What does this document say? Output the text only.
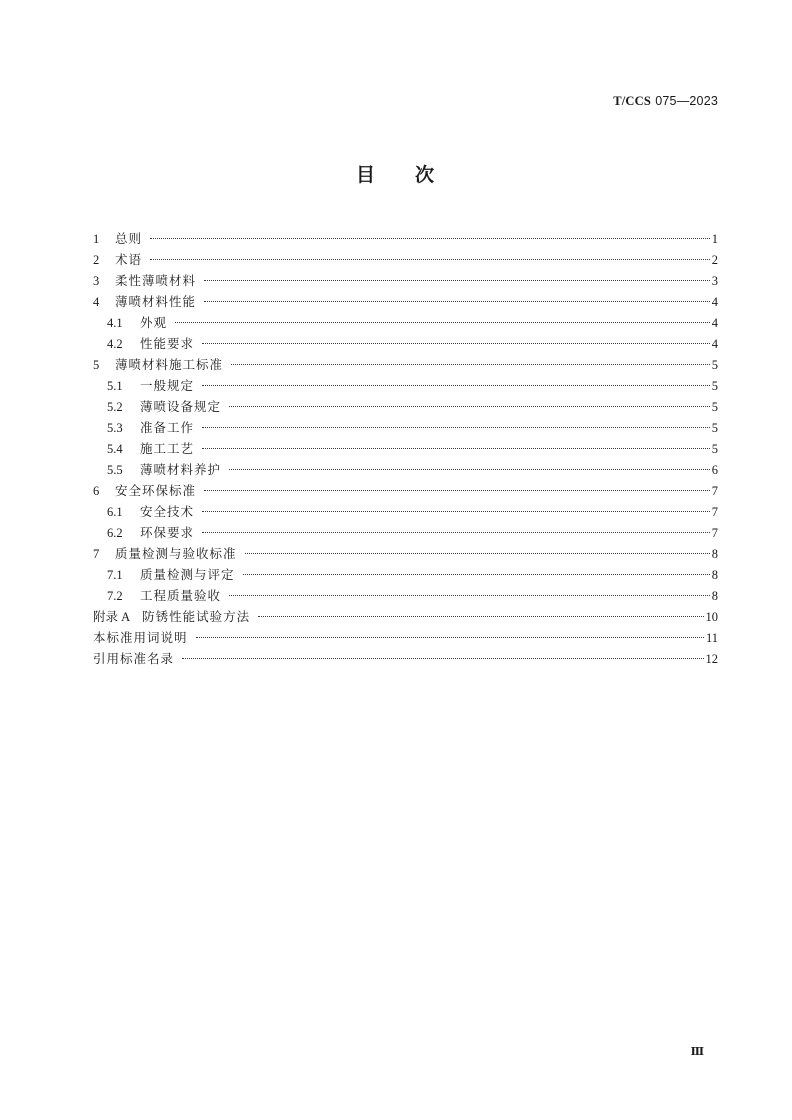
T/CCS 075—2023
目 次
1	总则	1
2	术语	2
3	柔性薄喷材料	3
4	薄喷材料性能	4
4.1	外观	4
4.2	性能要求	4
5	薄喷材料施工标准	5
5.1	一般规定	5
5.2	薄喷设备规定	5
5.3	准备工作	5
5.4	施工工艺	5
5.5	薄喷材料养护	6
6	安全环保标准	7
6.1	安全技术	7
6.2	环保要求	7
7	质量检测与验收标准	8
7.1	质量检测与评定	8
7.2	工程质量验收	8
附录 A 防锈性能试验方法	10
本标准用词说明	11
引用标准名录	12
Ⅲ
